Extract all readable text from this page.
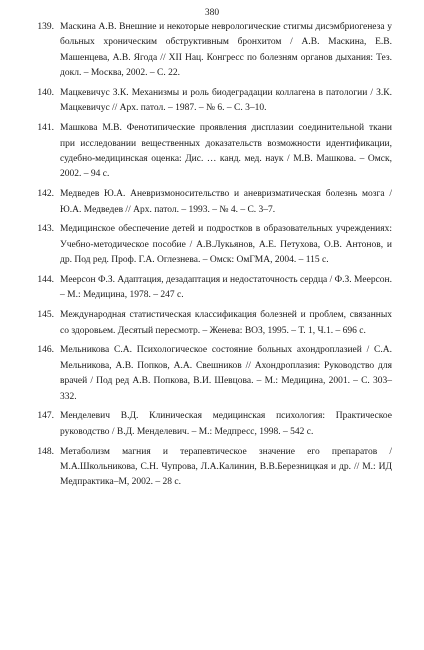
380
139. Маскина А.В. Внешние и некоторые неврологические стигмы дисэмбриогенеза у больных хроническим обструктивным бронхитом / А.В. Маскина, Е.В. Машенцева, А.В. Ягода // XII Нац. Конгресс по болезням органов дыхания: Тез. докл. – Москва, 2002. – С. 22.
140. Мацкевичус З.К. Механизмы и роль биодеградации коллагена в патологии / З.К. Мацкевичус // Арх. патол. – 1987. – № 6. – С. 3–10.
141. Машкова М.В. Фенотипические проявления дисплазии соединительной ткани при исследовании вещественных доказательств возможности идентификации, судебно-медицинская оценка: Дис. … канд. мед. наук / М.В. Машкова. – Омск, 2002. – 94 с.
142. Медведев Ю.А. Аневризмоносительство и аневризматическая болезнь мозга / Ю.А. Медведев // Арх. патол. – 1993. – № 4. – С. 3–7.
143. Медицинское обеспечение детей и подростков в образовательных учреждениях: Учебно-методическое пособие / А.В.Лукьянов, А.Е. Петухова, О.В. Антонов, и др. Под ред. Проф. Г.А. Оглезнева. – Омск: ОмГМА, 2004. – 115 с.
144. Меерсон Ф.З. Адаптация, дезадаптация и недостаточность сердца / Ф.З. Меерсон. – М.: Медицина, 1978. – 247 с.
145. Международная статистическая классификация болезней и проблем, связанных со здоровьем. Десятый пересмотр. – Женева: ВОЗ, 1995. – Т. 1, Ч.1. – 696 с.
146. Мельникова С.А. Психологическое состояние больных ахондроплазией / С.А. Мельникова, А.В. Попков, А.А. Свешников // Ахондроплазия: Руководство для врачей / Под ред А.В. Попкова, В.И. Шевцова. – М.: Медицина, 2001. – С. 303–332.
147. Менделевич В.Д. Клиническая медицинская психология: Практическое руководство / В.Д. Менделевич. – М.: Медпресс, 1998. – 542 с.
148. Метаболизм магния и терапевтическое значение его препаратов / М.А.Школьникова, С.Н. Чупрова, Л.А.Калинин, В.В.Березницкая и др. // М.: ИД Медпрактика–М, 2002. – 28 с.
